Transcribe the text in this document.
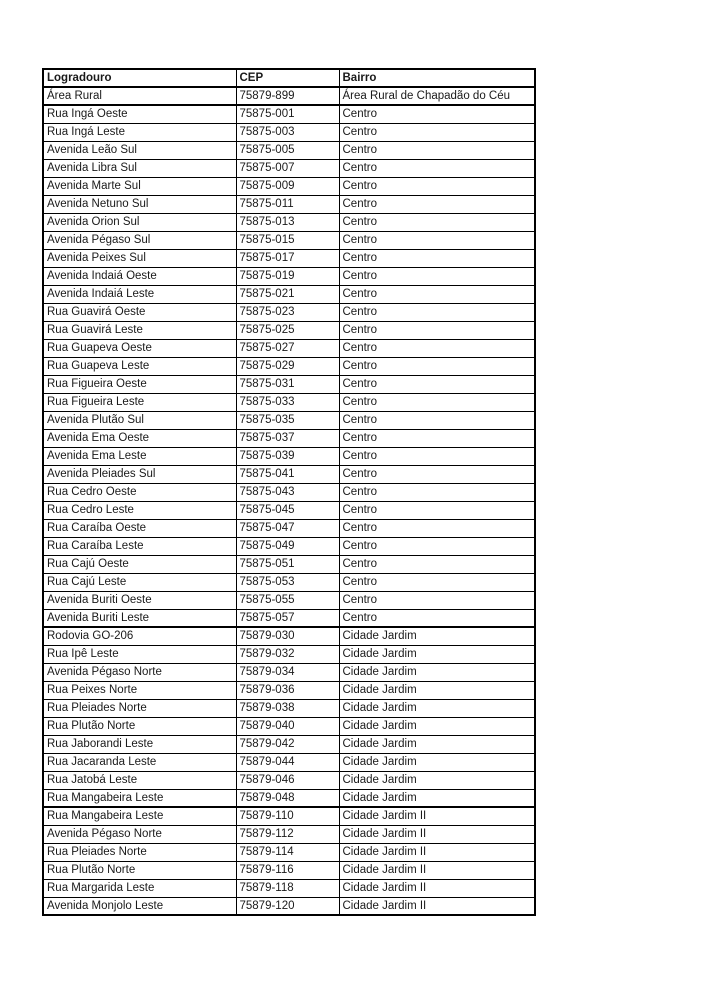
Logradouro	CEP	Bairro
Área Rural	75879-899	Área Rural de Chapadão do Céu
Rua Ingá Oeste	75875-001	Centro
Rua Ingá Leste	75875-003	Centro
Avenida Leão Sul	75875-005	Centro
Avenida Libra Sul	75875-007	Centro
Avenida Marte Sul	75875-009	Centro
Avenida Netuno Sul	75875-011	Centro
Avenida Orion Sul	75875-013	Centro
Avenida Pégaso Sul	75875-015	Centro
Avenida Peixes Sul	75875-017	Centro
Avenida Indaiá Oeste	75875-019	Centro
Avenida Indaiá Leste	75875-021	Centro
Rua Guavirá Oeste	75875-023	Centro
Rua Guavirá Leste	75875-025	Centro
Rua Guapeva Oeste	75875-027	Centro
Rua Guapeva Leste	75875-029	Centro
Rua Figueira Oeste	75875-031	Centro
Rua Figueira Leste	75875-033	Centro
Avenida Plutão Sul	75875-035	Centro
Avenida Ema Oeste	75875-037	Centro
Avenida Ema Leste	75875-039	Centro
Avenida Pleiades Sul	75875-041	Centro
Rua Cedro Oeste	75875-043	Centro
Rua Cedro Leste	75875-045	Centro
Rua Caraíba Oeste	75875-047	Centro
Rua Caraíba Leste	75875-049	Centro
Rua Cajú Oeste	75875-051	Centro
Rua Cajú Leste	75875-053	Centro
Avenida Buriti Oeste	75875-055	Centro
Avenida Buriti Leste	75875-057	Centro
Rodovia GO-206	75879-030	Cidade Jardim
Rua Ipê Leste	75879-032	Cidade Jardim
Avenida Pégaso Norte	75879-034	Cidade Jardim
Rua Peixes Norte	75879-036	Cidade Jardim
Rua Pleiades Norte	75879-038	Cidade Jardim
Rua Plutão Norte	75879-040	Cidade Jardim
Rua Jaborandi Leste	75879-042	Cidade Jardim
Rua Jacaranda Leste	75879-044	Cidade Jardim
Rua Jatobá Leste	75879-046	Cidade Jardim
Rua Mangabeira Leste	75879-048	Cidade Jardim
Rua Mangabeira Leste	75879-110	Cidade Jardim II
Avenida Pégaso Norte	75879-112	Cidade Jardim II
Rua Pleiades Norte	75879-114	Cidade Jardim II
Rua Plutão Norte	75879-116	Cidade Jardim II
Rua Margarida Leste	75879-118	Cidade Jardim II
Avenida Monjolo Leste	75879-120	Cidade Jardim II
